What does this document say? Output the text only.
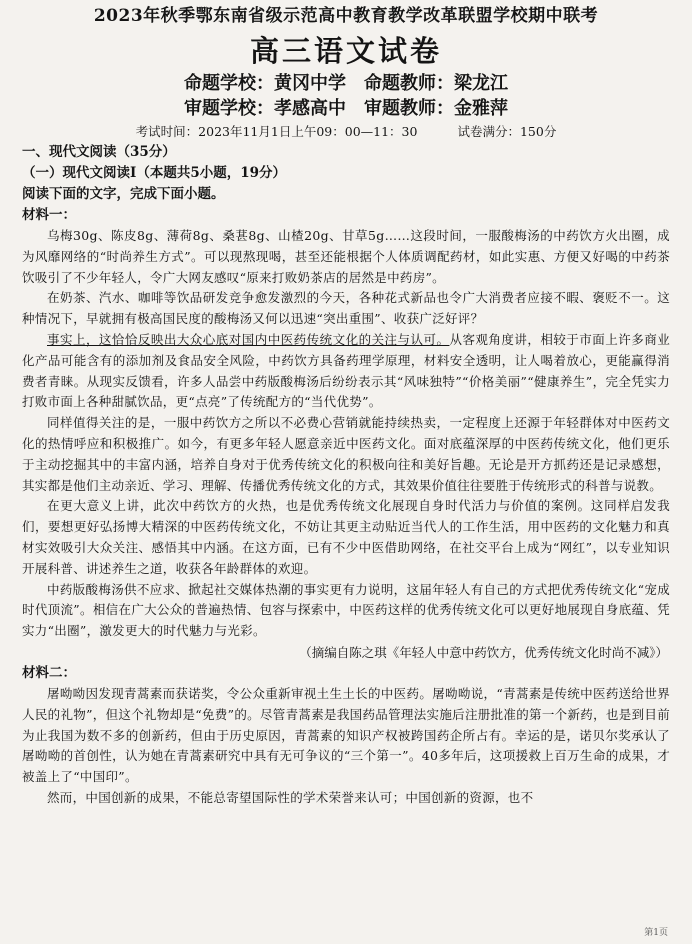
2023年秋季鄂东南省级示范高中教育教学改革联盟学校期中联考
高三语文试卷
命题学校：黄冈中学 命题教师：梁龙江
审题学校：孝感高中 审题教师：金雅萍
考试时间：2023年11月1日上午09：00—11：30	试卷满分：150分
一、现代文阅读（35分）
（一）现代文阅读Ⅰ（本题共5小题，19分）
阅读下面的文字，完成下面小题。
材料一：

乌梅30g、陈皮8g、薄荷8g、桑葚8g、山楂20g、甘草5g……这段时间，一服酸梅汤的中药饮方火出圈，成为风靡网络的“时尚养生方式”。可以现熬现喝，甚至还能根据个人体质调配药材，如此实惠、方便又好喝的中药茶饮吸引了不少年轻人，令广大网友感叹“原来打败奶茶店的居然是中药房”。

在奶茶、汽水、咖啡等饮品研发竞争愈发激烈的今天，各种花式新品也令广大消费者应接不暇、褒贬不一。这种情况下，早就拥有极高国民度的酸梅汤又何以迅速“突出重围”、收获广泛好评？

事实上，这恰恰反映出大众心底对国内中医药传统文化的关注与认可。从客观角度讲，相较于市面上许多商业化产品可能含有的添加剂及食品安全风险，中药饮方具备药理学原理，材料安全透明，让人喝着放心，更能赢得消费者青睐。从现实反馈看，许多人品尝中药版酸梅汤后纷纷表示其“风味独特”“价格美丽”“健康养生”，完全凭实力打败市面上各种甜腻饮品，更“点亮”了传统配方的“当代优势”。

同样值得关注的是，一服中药饮方之所以不必费心营销就能持续热卖，一定程度上还源于年轻群体对中医药文化的热情呼应和积极推广。如今，有更多年轻人愿意亲近中医药文化。面对底蕴深厚的中医药传统文化，他们更乐于主动挖掘其中的丰富内涵，培养自身对于优秀传统文化的积极向往和美好旨趣。无论是开方抓药还是记录感想，其实都是他们主动亲近、学习、理解、传播优秀传统文化的方式，其效果价值往往要胜于传统形式的科普与说教。

在更大意义上讲，此次中药饮方的火热，也是优秀传统文化展现自身时代活力与价值的案例。这同样启发我们，要想更好弘扬博大精深的中医药传统文化，不妨让其更主动贴近当代人的工作生活，用中医药的文化魅力和真材实效吸引大众关注、感悟其中内涵。在这方面，已有不少中医借助网络，在社交平台上成为“网红”，以专业知识开展科普、讲述养生之道，收获各年龄群体的欢迎。

中药版酸梅汤供不应求、掀起社交媒体热潮的事实更有力说明，这届年轻人有自己的方式把优秀传统文化“宠成时代顶流”。相信在广大公众的普遍热情、包容与探索中，中医药这样的优秀传统文化可以更好地展现自身底蕴、凭实力“出圈”，激发更大的时代魅力与光彩。

（摘编自陈之琪《年轻人中意中药饮方，优秀传统文化时尚不减》）
材料二：

屠呦呦因发现青蒿素而获诺奖，令公众重新审视土生土长的中医药。屠呦呦说，“青蒿素是传统中医药送给世界人民的礼物”，但这个礼物却是“免费”的。尽管青蒿素是我国药品管理法实施后注册批准的第一个新药，也是到目前为止我国为数不多的创新药，但由于历史原因，青蒿素的知识产权被跨国药企所占有。幸运的是，诺贝尔奖承认了屠呦呦的首创性，认为她在青蒿素研究中具有无可争议的“三个第一”。40多年后，这项援救上百万生命的成果，才被盖上了“中国印”。

然而，中国创新的成果，不能总寄望国际性的学术荣誉来认可；中国创新的资源，也不

第1页
